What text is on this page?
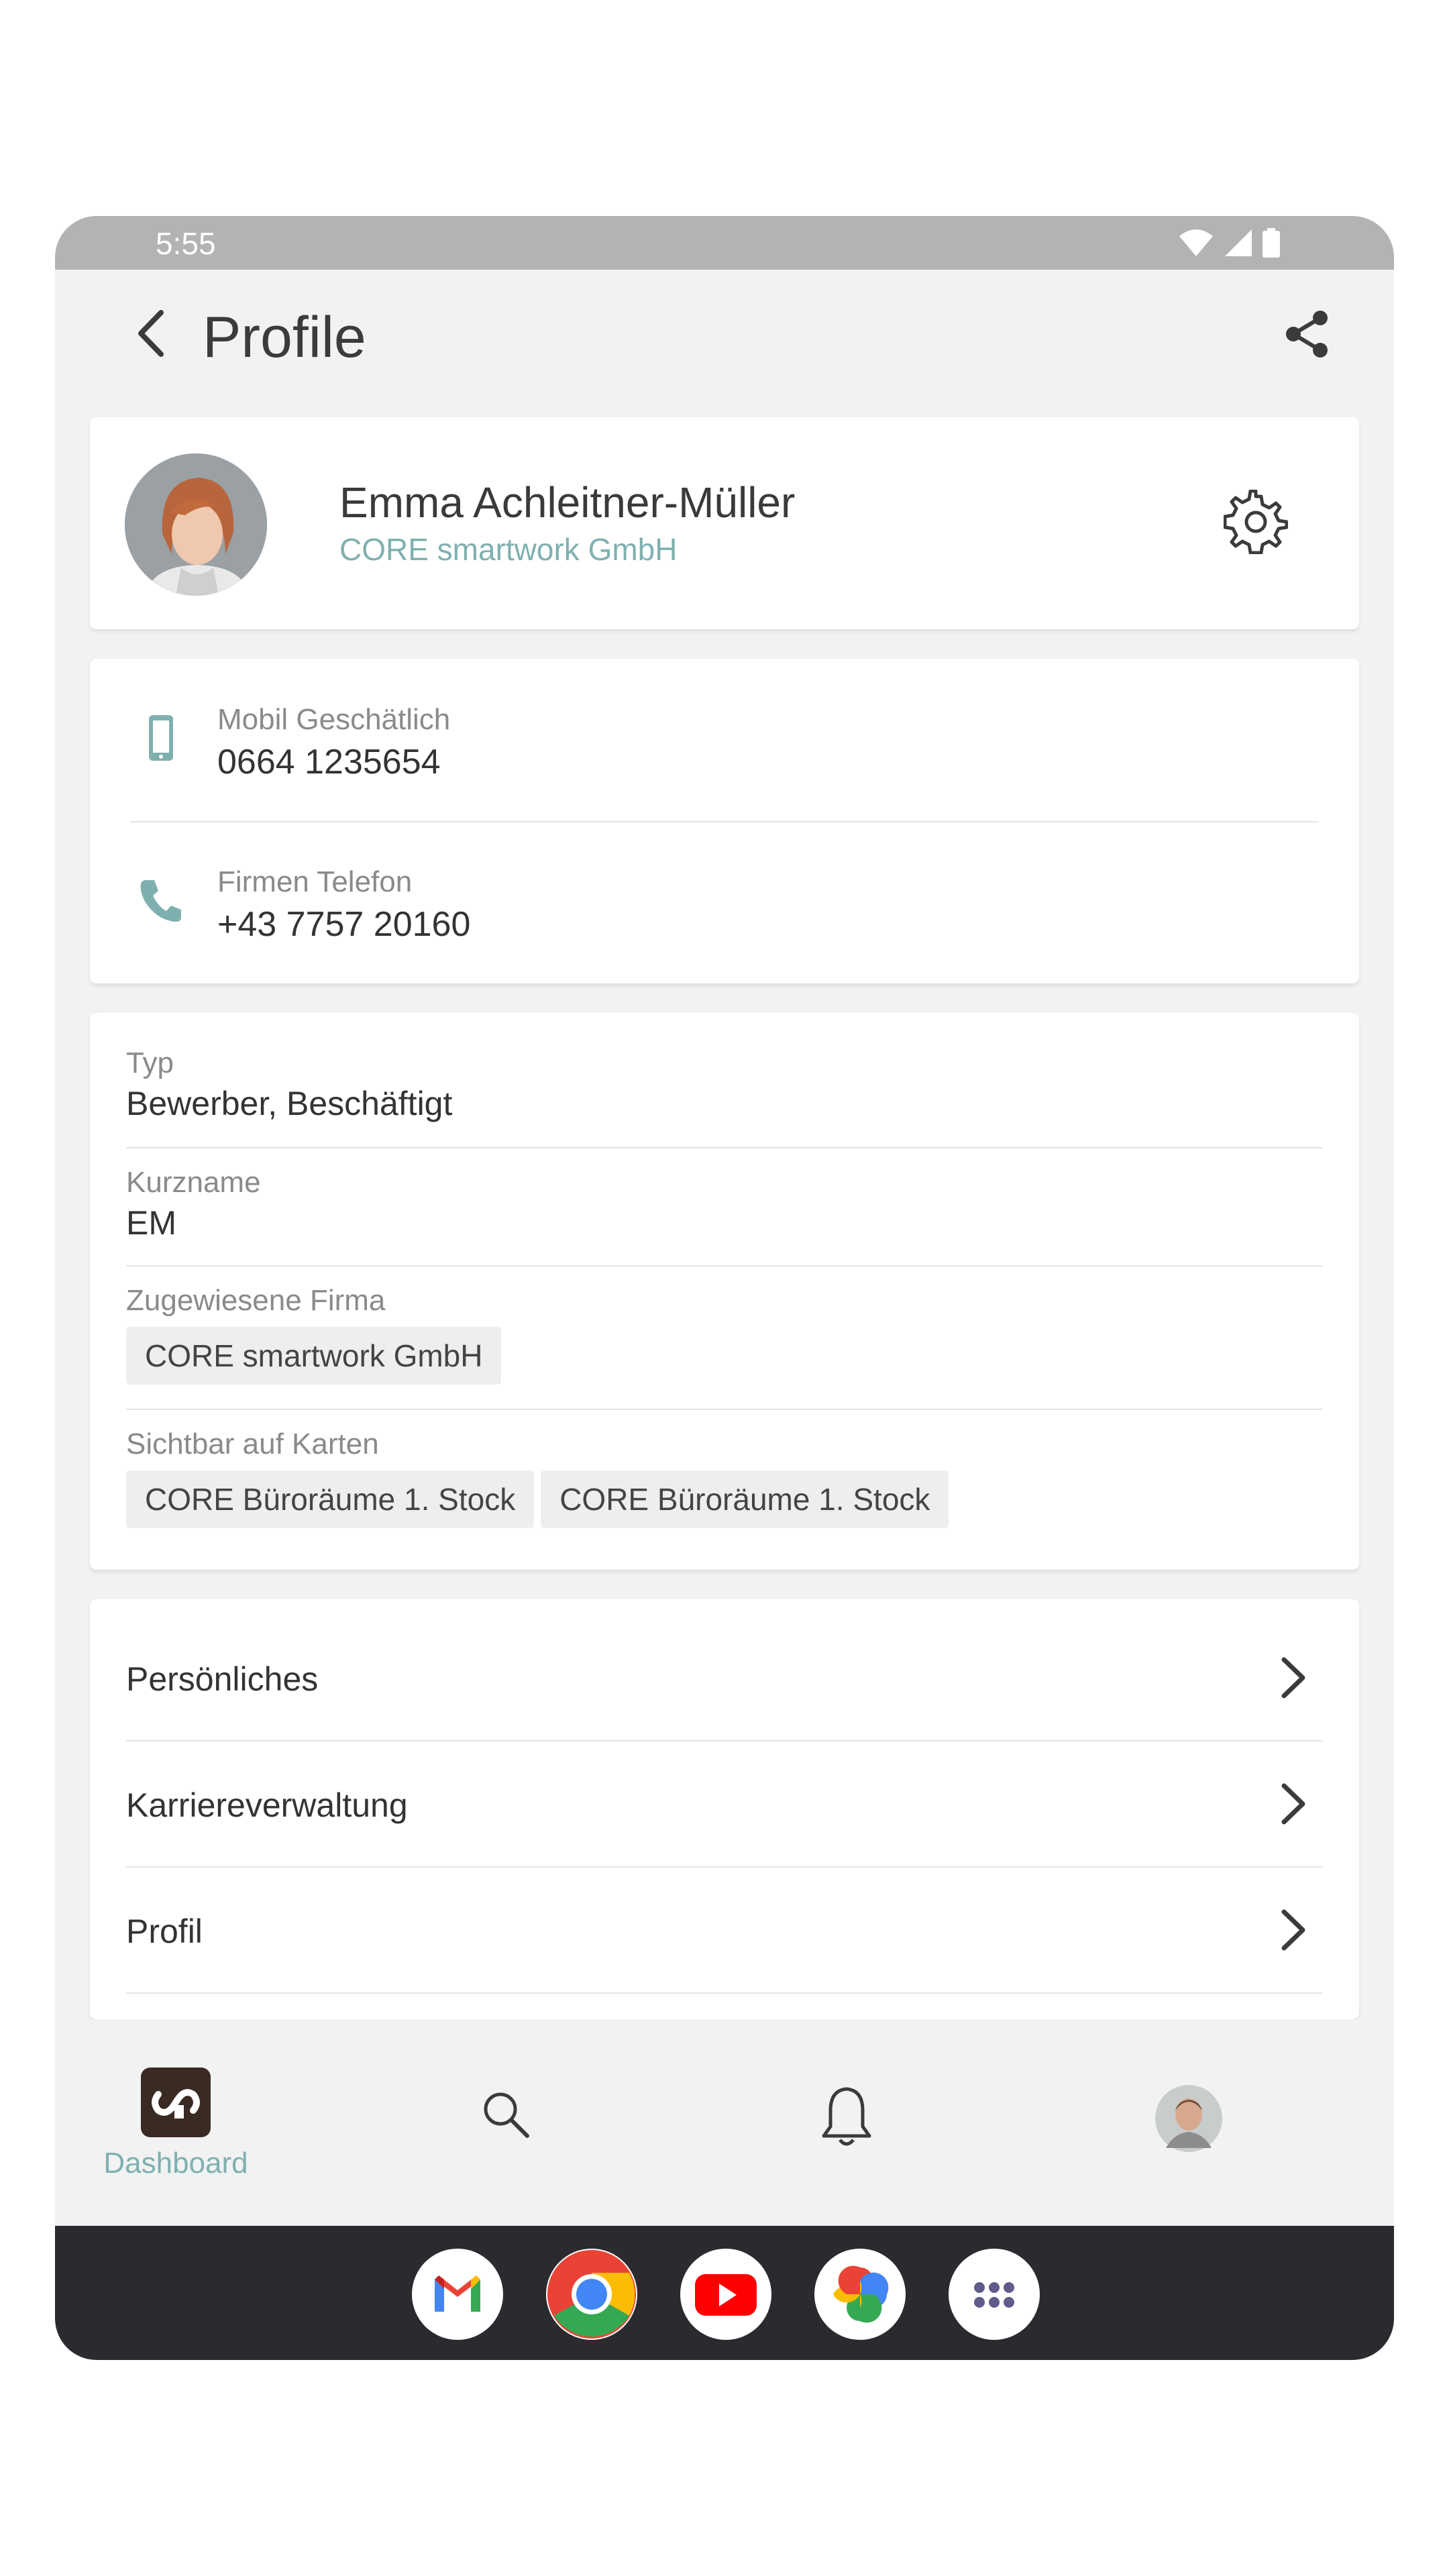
5:55
Profile
Emma Achleitner-Müller
CORE smartwork GmbH
Mobil Geschätlich
0664 1235654
Firmen Telefon
+43 7757 20160
Typ
Bewerber, Beschäftigt
Kurzname
EM
Zugewiesene Firma
CORE smartwork GmbH
Sichtbar auf Karten
CORE Büroräume 1. Stock	CORE Büroräume 1. Stock
Persönliches
Karriereverwaltung
Profil
Dashboard
